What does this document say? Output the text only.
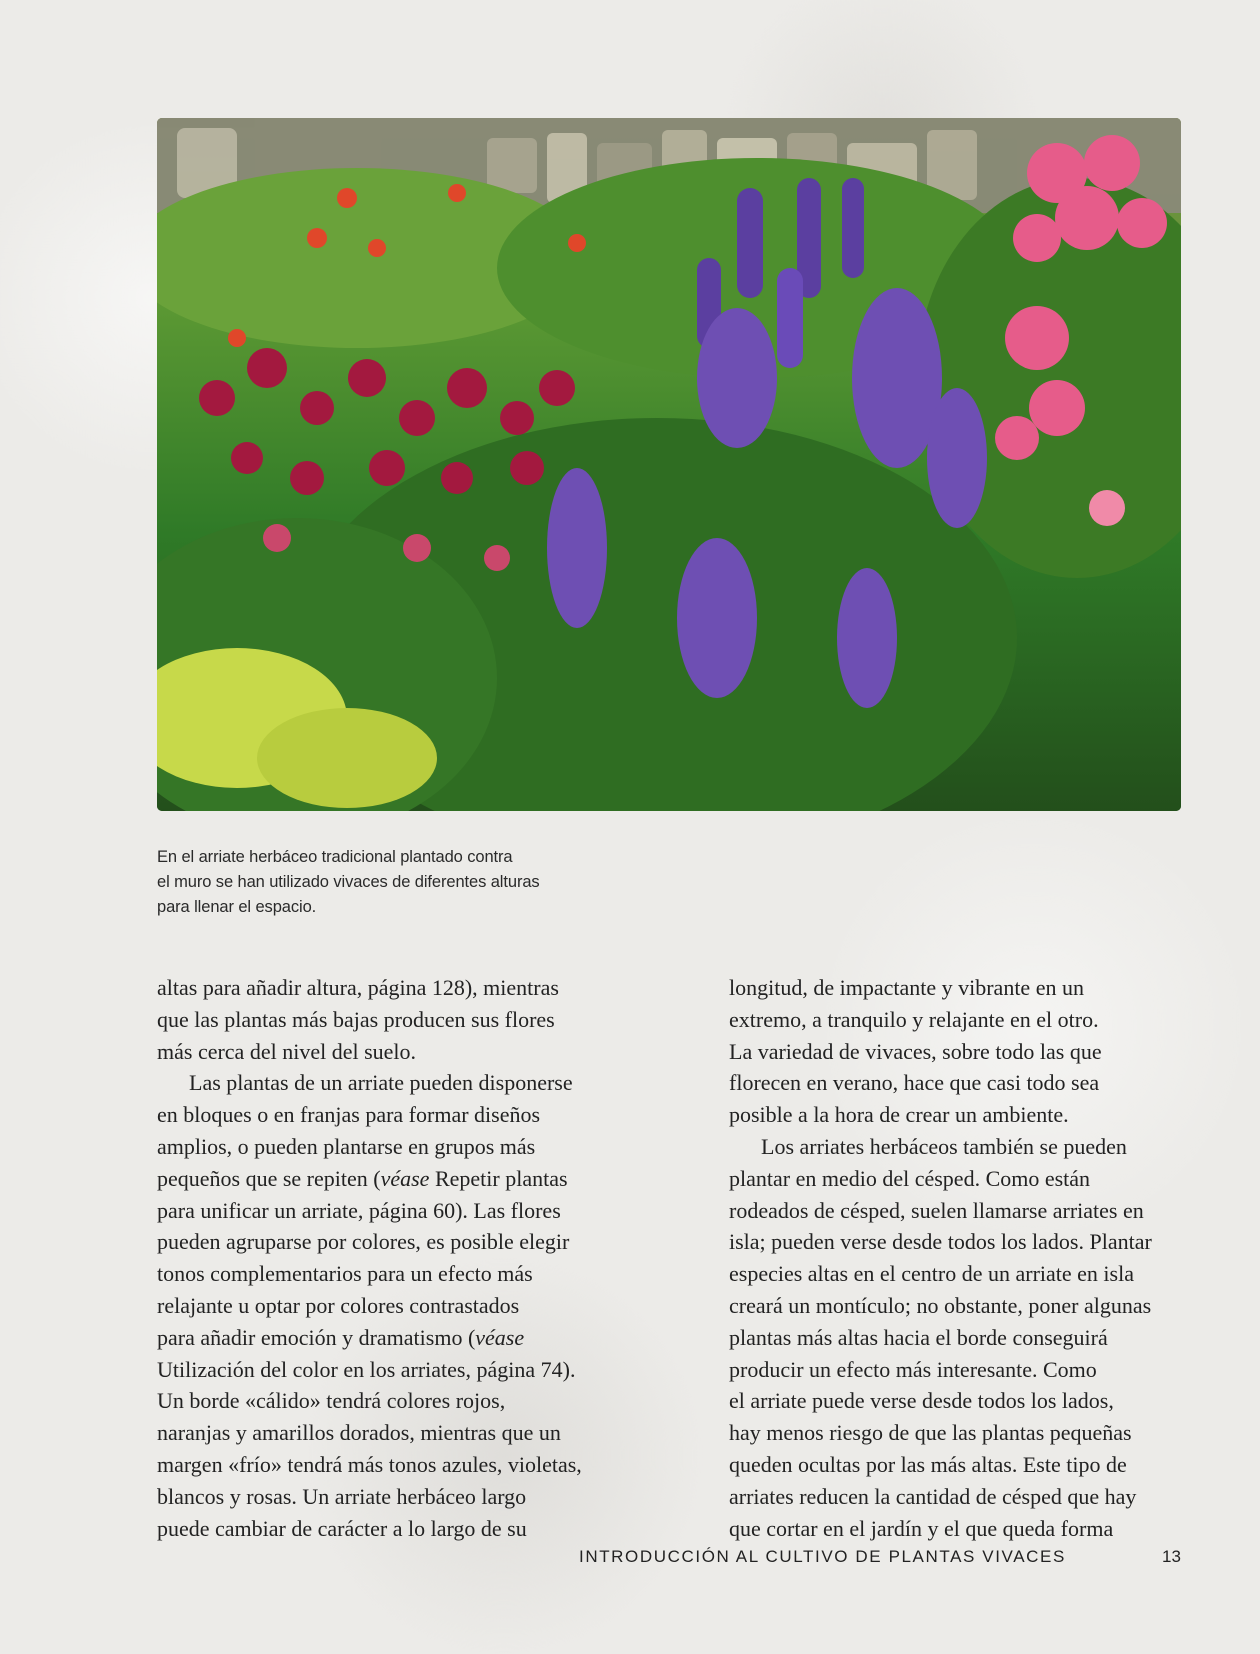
En el arriate herbáceo tradicional plantado contra
el muro se han utilizado vivaces de diferentes alturas
para llenar el espacio.
altas para añadir altura, página 128), mientras
que las plantas más bajas producen sus flores
más cerca del nivel del suelo.
Las plantas de un arriate pueden disponerse
en bloques o en franjas para formar diseños
amplios, o pueden plantarse en grupos más
pequeños que se repiten (véase Repetir plantas
para unificar un arriate, página 60). Las flores
pueden agruparse por colores, es posible elegir
tonos complementarios para un efecto más
relajante u optar por colores contrastados
para añadir emoción y dramatismo (véase
Utilización del color en los arriates, página 74).
Un borde «cálido» tendrá colores rojos,
naranjas y amarillos dorados, mientras que un
margen «frío» tendrá más tonos azules, violetas,
blancos y rosas. Un arriate herbáceo largo
puede cambiar de carácter a lo largo de su
longitud, de impactante y vibrante en un
extremo, a tranquilo y relajante en el otro.
La variedad de vivaces, sobre todo las que
florecen en verano, hace que casi todo sea
posible a la hora de crear un ambiente.
Los arriates herbáceos también se pueden
plantar en medio del césped. Como están
rodeados de césped, suelen llamarse arriates en
isla; pueden verse desde todos los lados. Plantar
especies altas en el centro de un arriate en isla
creará un montículo; no obstante, poner algunas
plantas más altas hacia el borde conseguirá
producir un efecto más interesante. Como
el arriate puede verse desde todos los lados,
hay menos riesgo de que las plantas pequeñas
queden ocultas por las más altas. Este tipo de
arriates reducen la cantidad de césped que hay
que cortar en el jardín y el que queda forma
INTRODUCCIÓN AL CULTIVO DE PLANTAS VIVACES	13
